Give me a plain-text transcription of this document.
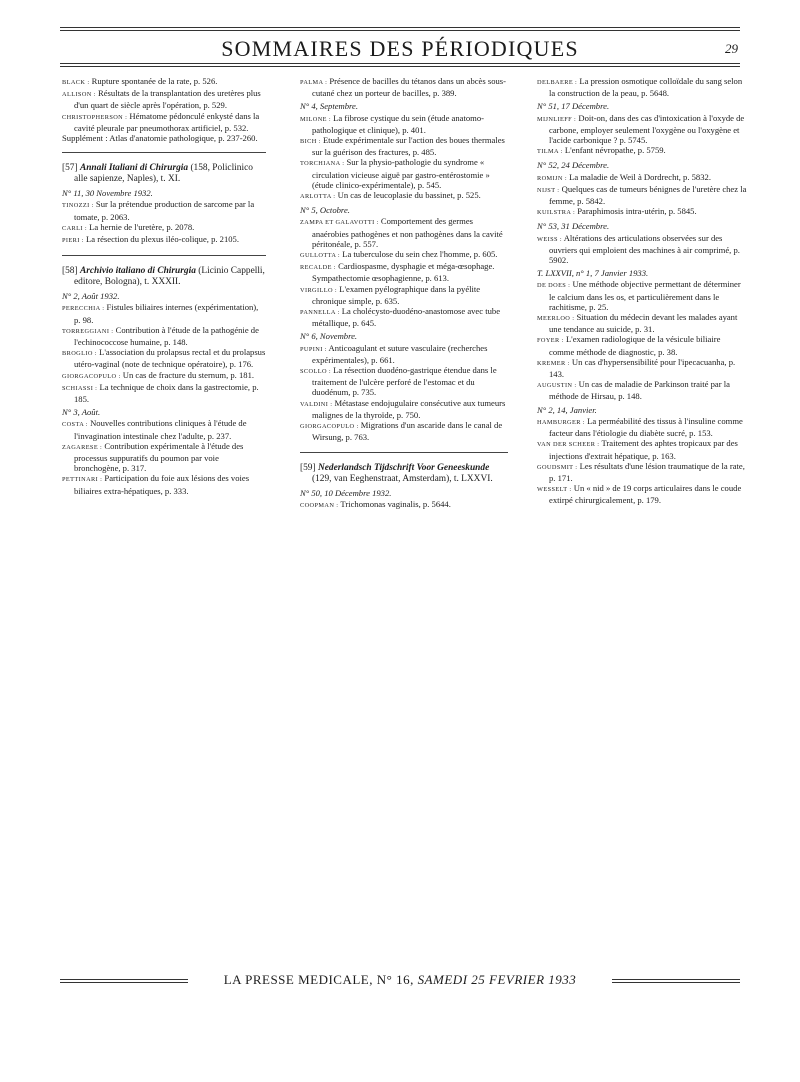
SOMMAIRES DES PÉRIODIQUES	29

BLACK : Rupture spontanée de la rate, p. 526.

ALLISON : Résultats de la transplantation des uretères plus d'un quart de siècle après l'opération, p. 529.

CHRISTOPHERSON : Hématome pédonculé enkysté dans la cavité pleurale par pneumothorax artificiel, p. 532.

Supplément : Atlas d'anatomie pathologique, p. 237-260.

[57] Annali Italiani di Chirurgia (158, Policlinico alle sapienze, Naples), t. XI.

N° 11, 30 Novembre 1932.

TINOZZI : Sur la prétendue production de sarcome par la tomate, p. 2063.

CARLI : La hernie de l'uretère, p. 2078.

PIERI : La résection du plexus iléo-colique, p. 2105.

[58] Archivio italiano di Chirurgia (Licinio Cappelli, editore, Bologna), t. XXXII.

N° 2, Août 1932.

PERECCHIA : Fistules biliaires internes (expérimentation), p. 98.

TORREGGIANI : Contribution à l'étude de la pathogénie de l'echinococcose humaine, p. 148.

BROGLIO : L'association du prolapsus rectal et du prolapsus utéro-vaginal (note de technique opératoire), p. 176.

GIORGACOPULO : Un cas de fracture du sternum, p. 181.

SCHIASSI : La technique de choix dans la gastrectomie, p. 185.

N° 3, Août.

COSTA : Nouvelles contributions cliniques à l'étude de l'invagination intestinale chez l'adulte, p. 237.

ZAGARESE : Contribution expérimentale à l'étude des processus suppuratifs du poumon par voie bronchogène, p. 317.

PETTINARI : Participation du foie aux lésions des voies biliaires extra-hépatiques, p. 333.

PALMA : Présence de bacilles du tétanos dans un abcès sous-cutané chez un porteur de bacilles, p. 389.

N° 4, Septembre.

MILONE : La fibrose cystique du sein (étude anatomo-pathologique et clinique), p. 401.

BICH : Etude expérimentale sur l'action des boues thermales sur la guérison des fractures, p. 485.

TORCHIANA : Sur la physio-pathologie du syndrome « circulation vicieuse aiguë par gastro-entérostomie » (étude clinico-expérimentale), p. 545.

ARLOTTA : Un cas de leucoplasie du bassinet, p. 525.

N° 5, Octobre.

ZAMPA ET GALAVOTTI : Comportement des germes anaérobies pathogènes et non pathogènes dans la cavité péritonéale, p. 557.

GULLOTTA : La tuberculose du sein chez l'homme, p. 605.

RECALDE : Cardiospasme, dysphagie et méga-œsophage. Sympathectomie œsophagienne, p. 613.

VIRGILLO : L'examen pyélographique dans la pyélite chronique simple, p. 635.

PANNELLA : La cholécysto-duodéno-anastomose avec tube métallique, p. 645.

N° 6, Novembre.

PUPINI : Anticoagulant et suture vasculaire (recherches expérimentales), p. 661.

SCOLLO : La résection duodéno-gastrique étendue dans le traitement de l'ulcère perforé de l'estomac et du duodénum, p. 735.

VALDINI : Métastase endojugulaire consécutive aux tumeurs malignes de la thyroïde, p. 750.

GIORGACOPULO : Migrations d'un ascaride dans le canal de Wirsung, p. 763.

[59] Nederlandsch Tijdschrift Voor Geneeskunde (129, van Eeghenstraat, Amsterdam), t. LXXVI.

N° 50, 10 Décembre 1932.

COOPMAN : Trichomonas vaginalis, p. 5644.

DELBAERE : La pression osmotique colloïdale du sang selon la construction de la peau, p. 5648.

N° 51, 17 Décembre.

MIJNLIEFF : Doit-on, dans des cas d'intoxication à l'oxyde de carbone, employer seulement l'oxygène ou l'oxygène et l'acide carbonique ? p. 5745.

TILMA : L'enfant névropathe, p. 5759.

N° 52, 24 Décembre.

ROMIJN : La maladie de Weil à Dordrecht, p. 5832.

NIJST : Quelques cas de tumeurs bénignes de l'uretère chez la femme, p. 5842.

KUILSTRA : Paraphimosis intra-utérin, p. 5845.

N° 53, 31 Décembre.

WEISS : Altérations des articulations observées sur des ouvriers qui emploient des machines à air comprimé, p. 5902.

T. LXXVII, n° 1, 7 Janvier 1933.

DE DOES : Une méthode objective permettant de déterminer le calcium dans les os, et particulièrement dans le rachitisme, p. 25.

MEERLOO : Situation du médecin devant les malades ayant une tendance au suicide, p. 31.

FOYER : L'examen radiologique de la vésicule biliaire comme méthode de diagnostic, p. 38.

KREMER : Un cas d'hypersensibilité pour l'ipecacuanha, p. 143.

AUGUSTIN : Un cas de maladie de Parkinson traité par la méthode de Hirsau, p. 148.

N° 2, 14, Janvier.

HAMBURGER : La perméabilité des tissus à l'insuline comme facteur dans l'étiologie du diabète sucré, p. 153.

VAN DER SCHEER : Traitement des aphtes tropicaux par des injections d'extrait hépatique, p. 163.

GOUDSMIT : Les résultats d'une lésion traumatique de la rate, p. 171.

WESSELT : Un « nid » de 19 corps articulaires dans le coude extirpé chirurgicalement, p. 179.

LA PRESSE MEDICALE, N° 16, SAMEDI 25 FEVRIER 1933
